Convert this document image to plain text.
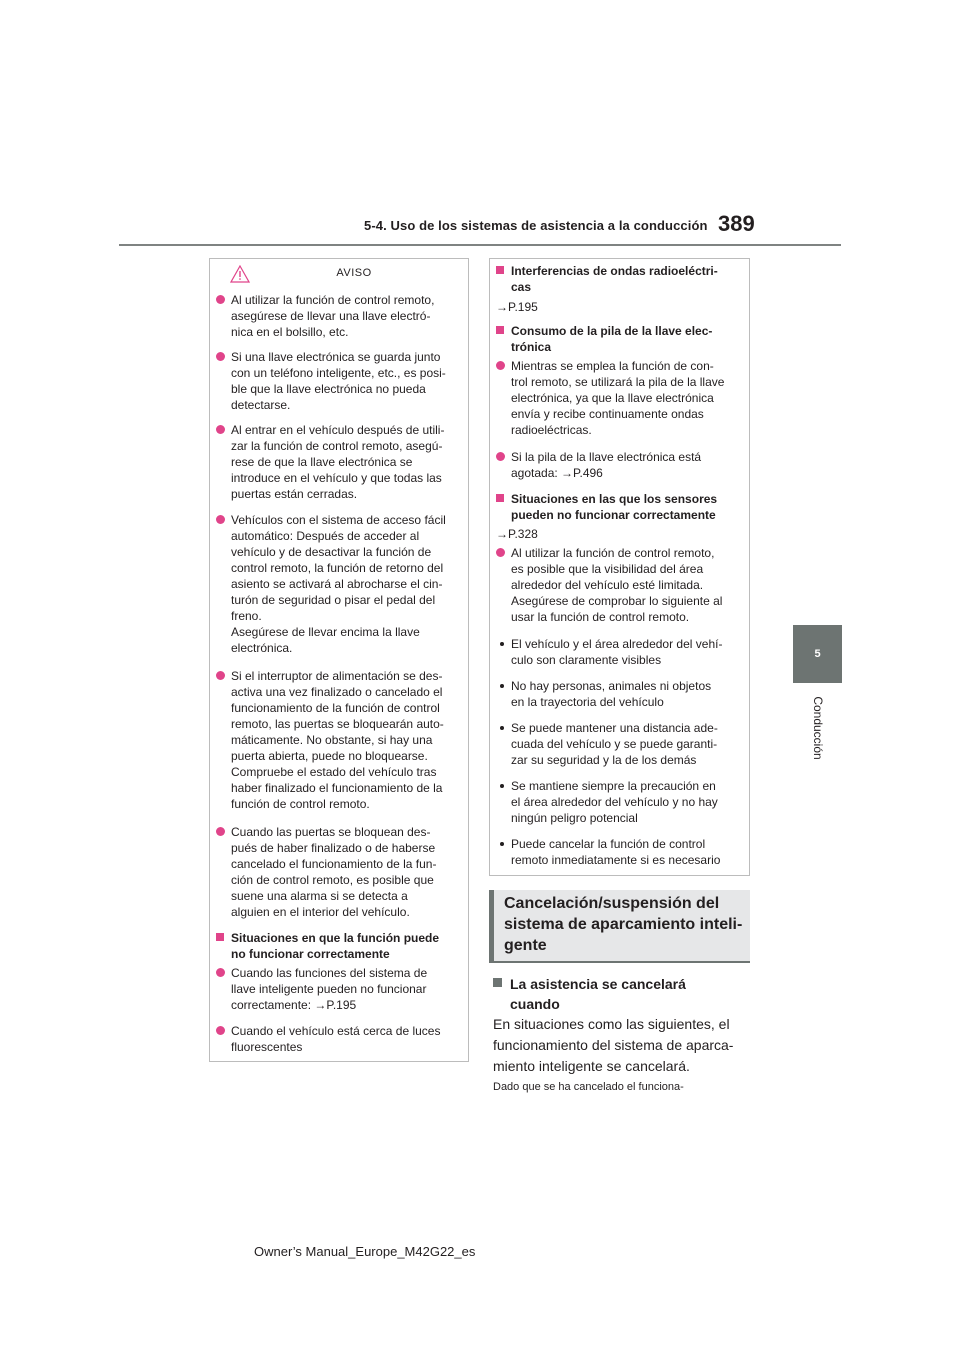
5-4. Uso de los sistemas de asistencia a la conducción 389
5
Conducción
AVISO
Al utilizar la función de control remoto,
asegúrese de llevar una llave electró-
nica en el bolsillo, etc.
Si una llave electrónica se guarda junto
con un teléfono inteligente, etc., es posi-
ble que la llave electrónica no pueda
detectarse.
Al entrar en el vehículo después de utili-
zar la función de control remoto, asegú-
rese de que la llave electrónica se
introduce en el vehículo y que todas las
puertas están cerradas.
Vehículos con el sistema de acceso fácil
automático: Después de acceder al
vehículo y de desactivar la función de
control remoto, la función de retorno del
asiento se activará al abrocharse el cin-
turón de seguridad o pisar el pedal del
freno.
Asegúrese de llevar encima la llave
electrónica.
Si el interruptor de alimentación se des-
activa una vez finalizado o cancelado el
funcionamiento de la función de control
remoto, las puertas se bloquearán auto-
máticamente. No obstante, si hay una
puerta abierta, puede no bloquearse.
Compruebe el estado del vehículo tras
haber finalizado el funcionamiento de la
función de control remoto.
Cuando las puertas se bloquean des-
pués de haber finalizado o de haberse
cancelado el funcionamiento de la fun-
ción de control remoto, es posible que
suene una alarma si se detecta a
alguien en el interior del vehículo.
Situaciones en que la función puede
no funcionar correctamente
Cuando las funciones del sistema de
llave inteligente pueden no funcionar
correctamente: →P.195
Cuando el vehículo está cerca de luces
fluorescentes
Interferencias de ondas radioeléctri-
cas
→P.195
Consumo de la pila de la llave elec-
trónica
Mientras se emplea la función de con-
trol remoto, se utilizará la pila de la llave
electrónica, ya que la llave electrónica
envía y recibe continuamente ondas
radioeléctricas.
Si la pila de la llave electrónica está
agotada: →P.496
Situaciones en las que los sensores
pueden no funcionar correctamente
→P.328
Al utilizar la función de control remoto,
es posible que la visibilidad del área
alrededor del vehículo esté limitada.
Asegúrese de comprobar lo siguiente al
usar la función de control remoto.
El vehículo y el área alrededor del vehí-
culo son claramente visibles
No hay personas, animales ni objetos
en la trayectoria del vehículo
Se puede mantener una distancia ade-
cuada del vehículo y se puede garanti-
zar su seguridad y la de los demás
Se mantiene siempre la precaución en
el área alrededor del vehículo y no hay
ningún peligro potencial
Puede cancelar la función de control
remoto inmediatamente si es necesario
Cancelación/suspensión del
sistema de aparcamiento inteli-
gente
La asistencia se cancelará
cuando
En situaciones como las siguientes, el
funcionamiento del sistema de aparca-
miento inteligente se cancelará.
Dado que se ha cancelado el funciona-
Owner’s Manual_Europe_M42G22_es
